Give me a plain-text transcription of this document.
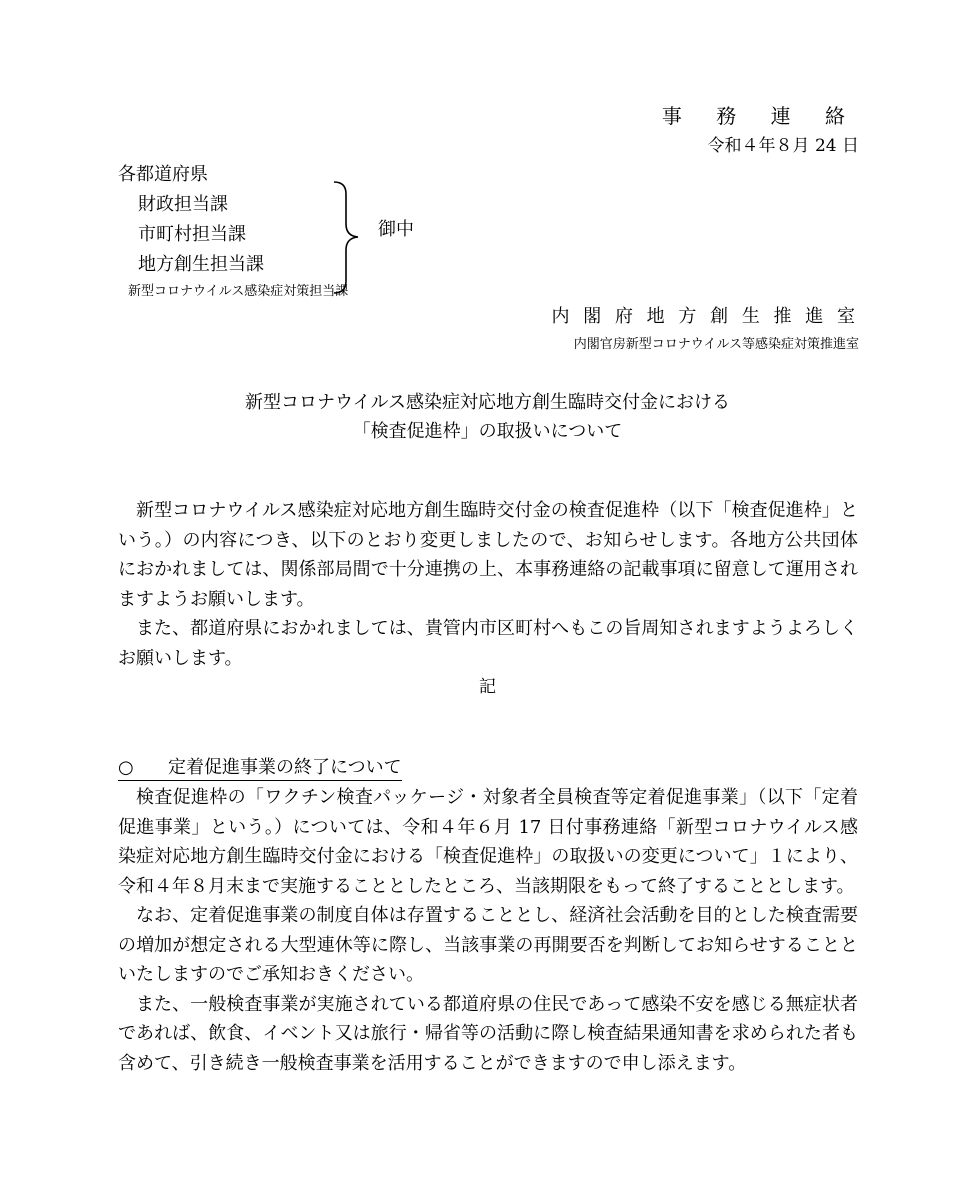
事 務 連 絡
令和４年８月 24 日
各都道府県
財政担当課
市町村担当課
地方創生担当課
新型コロナウイルス感染症対策担当課
御中
内 閣 府 地 方 創 生 推 進 室
内閣官房新型コロナウイルス等感染症対策推進室
新型コロナウイルス感染症対応地方創生臨時交付金における
「検査促進枠」の取扱いについて

新型コロナウイルス感染症対応地方創生臨時交付金の検査促進枠（以下「検査促進枠」という。）の内容につき、以下のとおり変更しましたので、お知らせします。各地方公共団体におかれましては、関係部局間で十分連携の上、本事務連絡の記載事項に留意して運用されますようお願いします。

また、都道府県におかれましては、貴管内市区町村へもこの旨周知されますようよろしくお願いします。

記
○ 定着促進事業の終了について

検査促進枠の「ワクチン検査パッケージ・対象者全員検査等定着促進事業」（以下「定着促進事業」という。）については、令和４年６月 17 日付事務連絡「新型コロナウイルス感染症対応地方創生臨時交付金における「検査促進枠」の取扱いの変更について」１により、令和４年８月末まで実施することとしたところ、当該期限をもって終了することとします。

なお、定着促進事業の制度自体は存置することとし、経済社会活動を目的とした検査需要の増加が想定される大型連休等に際し、当該事業の再開要否を判断してお知らせすることといたしますのでご承知おきください。

また、一般検査事業が実施されている都道府県の住民であって感染不安を感じる無症状者であれば、飲食、イベント又は旅行・帰省等の活動に際し検査結果通知書を求められた者も含めて、引き続き一般検査事業を活用することができますので申し添えます。
